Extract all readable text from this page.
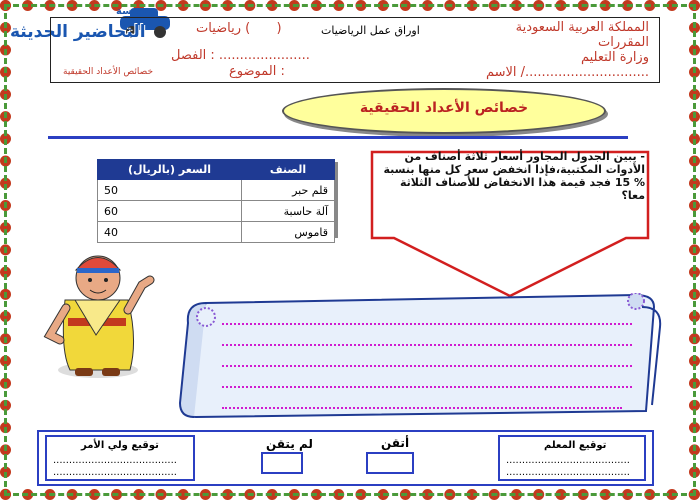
مؤسسة
التحاضير الحديثة	المملكة العربية السعودية
المقررات
وزارة التعليم
الاسم /..............................
اوراق عمل الرياضيات
رياضيات (  )
الفصل : ......................
خصائص الأعداد الحقيقية	الموضوع :
خصائص الأعداد الحقيقية
السعر (بالريال)	الصنف
50	قلم حبر
60	آلة حاسبة
40	قاموس
- يبين الجدول المجاور أسعار ثلاثة أصناف من الأدوات المكتبية،فإذا انخفض سعر كل منها بنسبة % 15 فجد قيمة هذا الانخفاض للأصناف الثلاثة معا؟
توقيع ولي الأمر
.......................................
.......................................
لم يتقن	أتقن	توقيع المعلم
.......................................
.......................................
